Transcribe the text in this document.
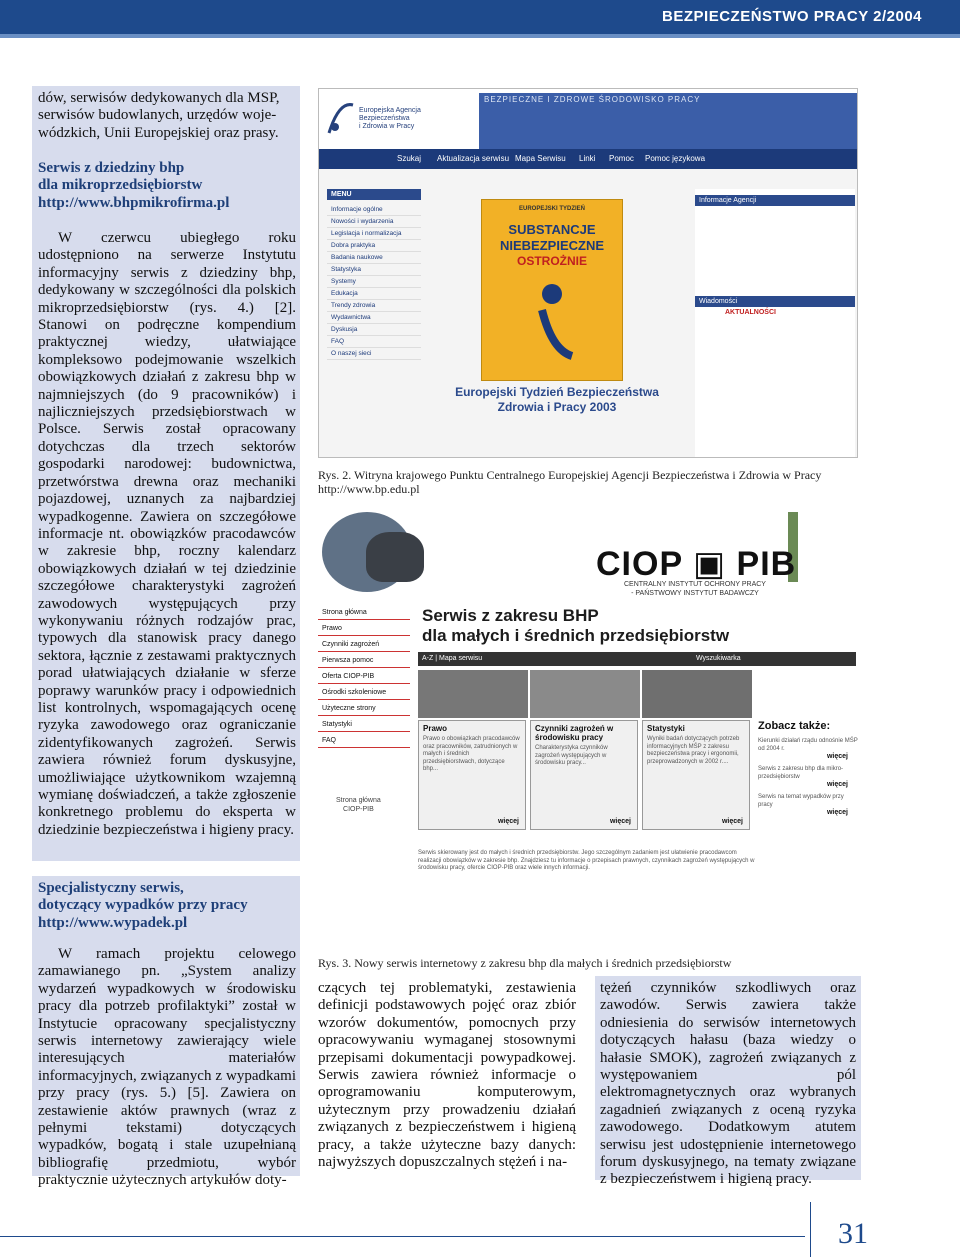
BEZPIECZEŃSTWO PRACY 2/2004

dów, serwisów dedykowanych dla MSP,

serwisów budowlanych, urzędów woje-

wódzkich, Unii Europejskiej oraz prasy.

Serwis z dziedziny bhp
dla mikroprzedsiębiorstw
http://www.bhpmikrofirma.pl

W czerwcu ubiegłego roku udostępniono na serwerze Instytutu informacyjny serwis z dziedziny bhp, dedykowany w szczególności dla polskich mikroprzedsiębiorstw (rys. 4.) [2]. Stanowi on podręczne kompendium praktycznej wiedzy, ułatwiające kompleksowo podejmowanie wszelkich obowiązkowych działań z zakresu bhp w najmniejszych (do 9 pracowników) i najliczniejszych przedsiębiorstwach w Polsce. Serwis został opracowany dotychczas dla trzech sektorów gospodarki narodowej: budownictwa, przetwórstwa drewna oraz mechaniki pojazdowej, uznanych za najbardziej wypadkogenne. Zawiera on szczegółowe informacje nt. obowiązków pracodawców w zakresie bhp, roczny kalendarz obowiązkowych działań w tej dziedzinie szczegółowe charakterystyki zagrożeń zawodowych występujących przy wykonywaniu różnych rodzajów prac, typowych dla stanowisk pracy danego sektora, łącznie z zestawami praktycznych porad ułatwiających działanie w sferze poprawy warunków pracy i odpowiednich list kontrolnych, wspomagających ocenę ryzyka zawodowego oraz ograniczanie zidentyfikowanych zagrożeń. Serwis zawiera również forum dyskusyjne, umożliwiające użytkownikom wzajemną wymianę doświadczeń, a także zgłoszenie konkretnego problemu do eksperta w dziedzinie bezpieczeństwa i higieny pracy.

Specjalistyczny serwis,
dotyczący wypadków przy pracy
http://www.wypadek.pl

W ramach projektu celowego zamawianego pn. „System analizy wydarzeń wypadkowych w środowisku pracy dla potrzeb profilaktyki” został w Instytucie opracowany specjalistyczny serwis internetowy zawierający wiele interesujących materiałów informacyjnych, związanych z wypadkami przy pracy (rys. 5.) [5]. Zawiera on zestawienie aktów prawnych (wraz z pełnymi tekstami) dotyczących wypadków, bogatą i stale uzupełnianą bibliografię przedmiotu, wybór praktycznie użytecznych artykułów doty-

Europejska Agencja
Bezpieczeństwa
i Zdrowia w Pracy
BEZPIECZNE I ZDROWE ŚRODOWISKO PRACY
Szukaj Aktualizacja serwisu Mapa Serwisu Linki Pomoc Pomoc językowa
MENU
Informacje ogólne
Nowości i wydarzenia
Legislacja i normalizacja
Dobra praktyka
Badania naukowe
Statystyka
Systemy
Edukacja
Trendy zdrowia
Wydawnictwa
Dyskusja
FAQ
O naszej sieci
EUROPEJSKI TYDZIEŃ
SUBSTANCJE
NIEBEZPIECZNE
OSTROŻNIE
Europejski Tydzień Bezpieczeństwa
Zdrowia i Pracy 2003
Informacje Agencji
Wiadomości
AKTUALNOŚCI
Rys. 2. Witryna krajowego Punktu Centralnego Europejskiej Agencji Bezpieczeństwa i Zdrowia w Pracy http://www.bp.edu.pl
CIOP ▣ PIB
CENTRALNY INSTYTUT OCHRONY PRACY
- PAŃSTWOWY INSTYTUT BADAWCZY
Serwis z zakresu BHP
dla małych i średnich przedsiębiorstw
A-Z | Mapa serwisu	Wyszukiwarka
Strona główna
Prawo
Czynniki zagrożeń
Pierwsza pomoc
Oferta CIOP-PIB
Ośrodki szkoleniowe
Użyteczne strony
Statystyki
FAQ
Strona główna
CIOP-PIB
Prawo
Prawo o obowiązkach pracodawców oraz pracowników, zatrudnionych w małych i średnich przedsiębiorstwach, dotyczące bhp...
więcej
Czynniki zagrożeń w środowisku pracy
Charakterystyka czynników zagrożeń występujących w środowisku pracy...
więcej
Statystyki
Wyniki badań dotyczących potrzeb informacyjnych MŚP z zakresu bezpieczeństwa pracy i ergonomii, przeprowadzonych w 2002 r....
więcej
Zobacz także:
Kierunki działań rządu odnośnie MŚP od 2004 r.
więcej
Serwis z zakresu bhp dla mikro-przedsiębiorstw
więcej
Serwis na temat wypadków przy pracy
więcej
Serwis skierowany jest do małych i średnich przedsiębiorstw. Jego szczególnym zadaniem jest ułatwienie pracodawcom realizacji obowiązków w zakresie bhp. Znajdziesz tu informacje o przepisach prawnych, czynnikach zagrożeń występujących w środowisku pracy, ofercie CIOP-PIB oraz wiele innych informacji.
Rys. 3. Nowy serwis internetowy z zakresu bhp dla małych i średnich przedsiębiorstw

czących tej problematyki, zestawienia definicji podstawowych pojęć oraz zbiór wzorów dokumentów, pomocnych przy opracowywaniu wymaganej stosownymi przepisami dokumentacji powypadkowej. Serwis zawiera również informacje o oprogramowaniu komputerowym, użytecznym przy prowadzeniu działań związanych z bezpieczeństwem i higieną pracy, a także użyteczne bazy danych: najwyższych dopuszczalnych stężeń i na-

tężeń czynników szkodliwych oraz zawodów. Serwis zawiera także odniesienia do serwisów internetowych dotyczących hałasu (baza wiedzy o hałasie SMOK), zagrożeń związanych z występowaniem pól elektromagnetycznych oraz wybranych zagadnień związanych z oceną ryzyka zawodowego. Dodatkowym atutem serwisu jest udostępnienie internetowego forum dyskusyjnego, na tematy związane z bezpieczeństwem i higieną pracy.

31
